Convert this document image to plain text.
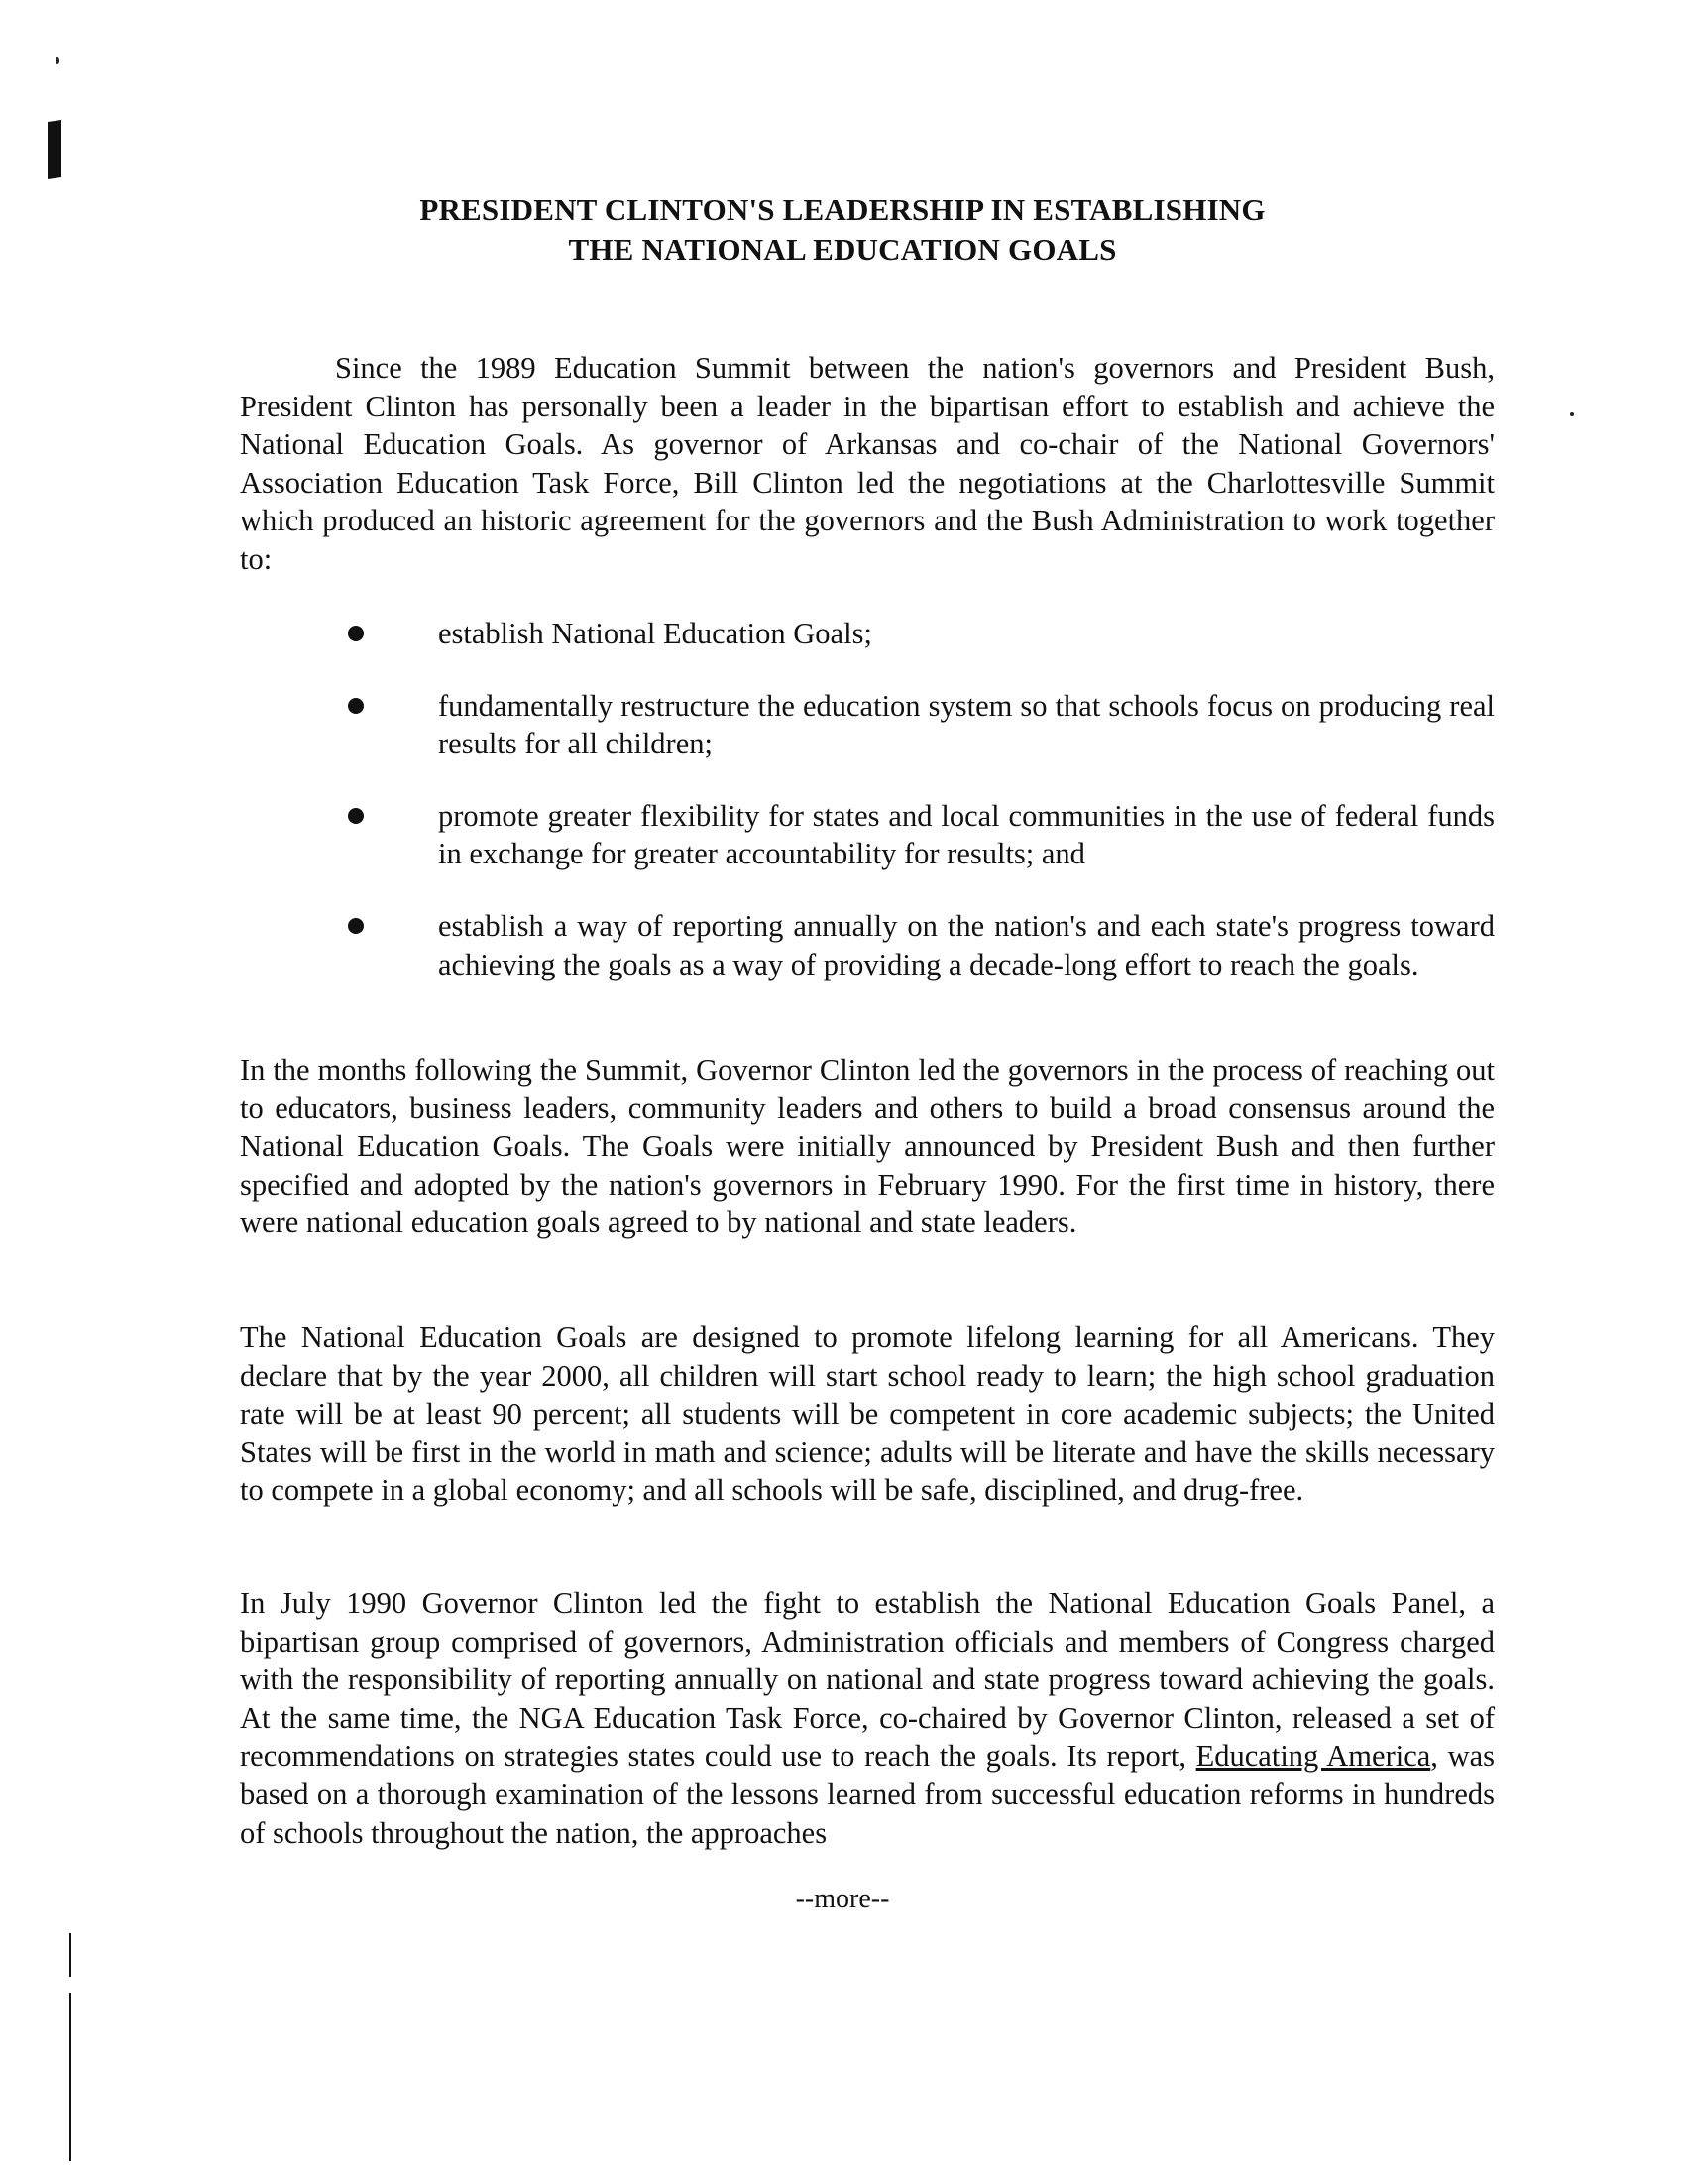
PRESIDENT CLINTON'S LEADERSHIP IN ESTABLISHING
THE NATIONAL EDUCATION GOALS

Since the 1989 Education Summit between the nation's governors and President Bush, President Clinton has personally been a leader in the bipartisan effort to establish and achieve the National Education Goals. As governor of Arkansas and co-chair of the National Governors' Association Education Task Force, Bill Clinton led the negotiations at the Charlottesville Summit which produced an historic agreement for the governors and the Bush Administration to work together to:

establish National Education Goals;
fundamentally restructure the education system so that schools focus on producing real results for all children;
promote greater flexibility for states and local communities in the use of federal funds in exchange for greater accountability for results; and
establish a way of reporting annually on the nation's and each state's progress toward achieving the goals as a way of providing a decade-long effort to reach the goals.

In the months following the Summit, Governor Clinton led the governors in the process of reaching out to educators, business leaders, community leaders and others to build a broad consensus around the National Education Goals. The Goals were initially announced by President Bush and then further specified and adopted by the nation's governors in February 1990. For the first time in history, there were national education goals agreed to by national and state leaders.

The National Education Goals are designed to promote lifelong learning for all Americans. They declare that by the year 2000, all children will start school ready to learn; the high school graduation rate will be at least 90 percent; all students will be competent in core academic subjects; the United States will be first in the world in math and science; adults will be literate and have the skills necessary to compete in a global economy; and all schools will be safe, disciplined, and drug-free.

In July 1990 Governor Clinton led the fight to establish the National Education Goals Panel, a bipartisan group comprised of governors, Administration officials and members of Congress charged with the responsibility of reporting annually on national and state progress toward achieving the goals. At the same time, the NGA Education Task Force, co-chaired by Governor Clinton, released a set of recommendations on strategies states could use to reach the goals. Its report, Educating America, was based on a thorough examination of the lessons learned from successful education reforms in hundreds of schools throughout the nation, the approaches

--more--
